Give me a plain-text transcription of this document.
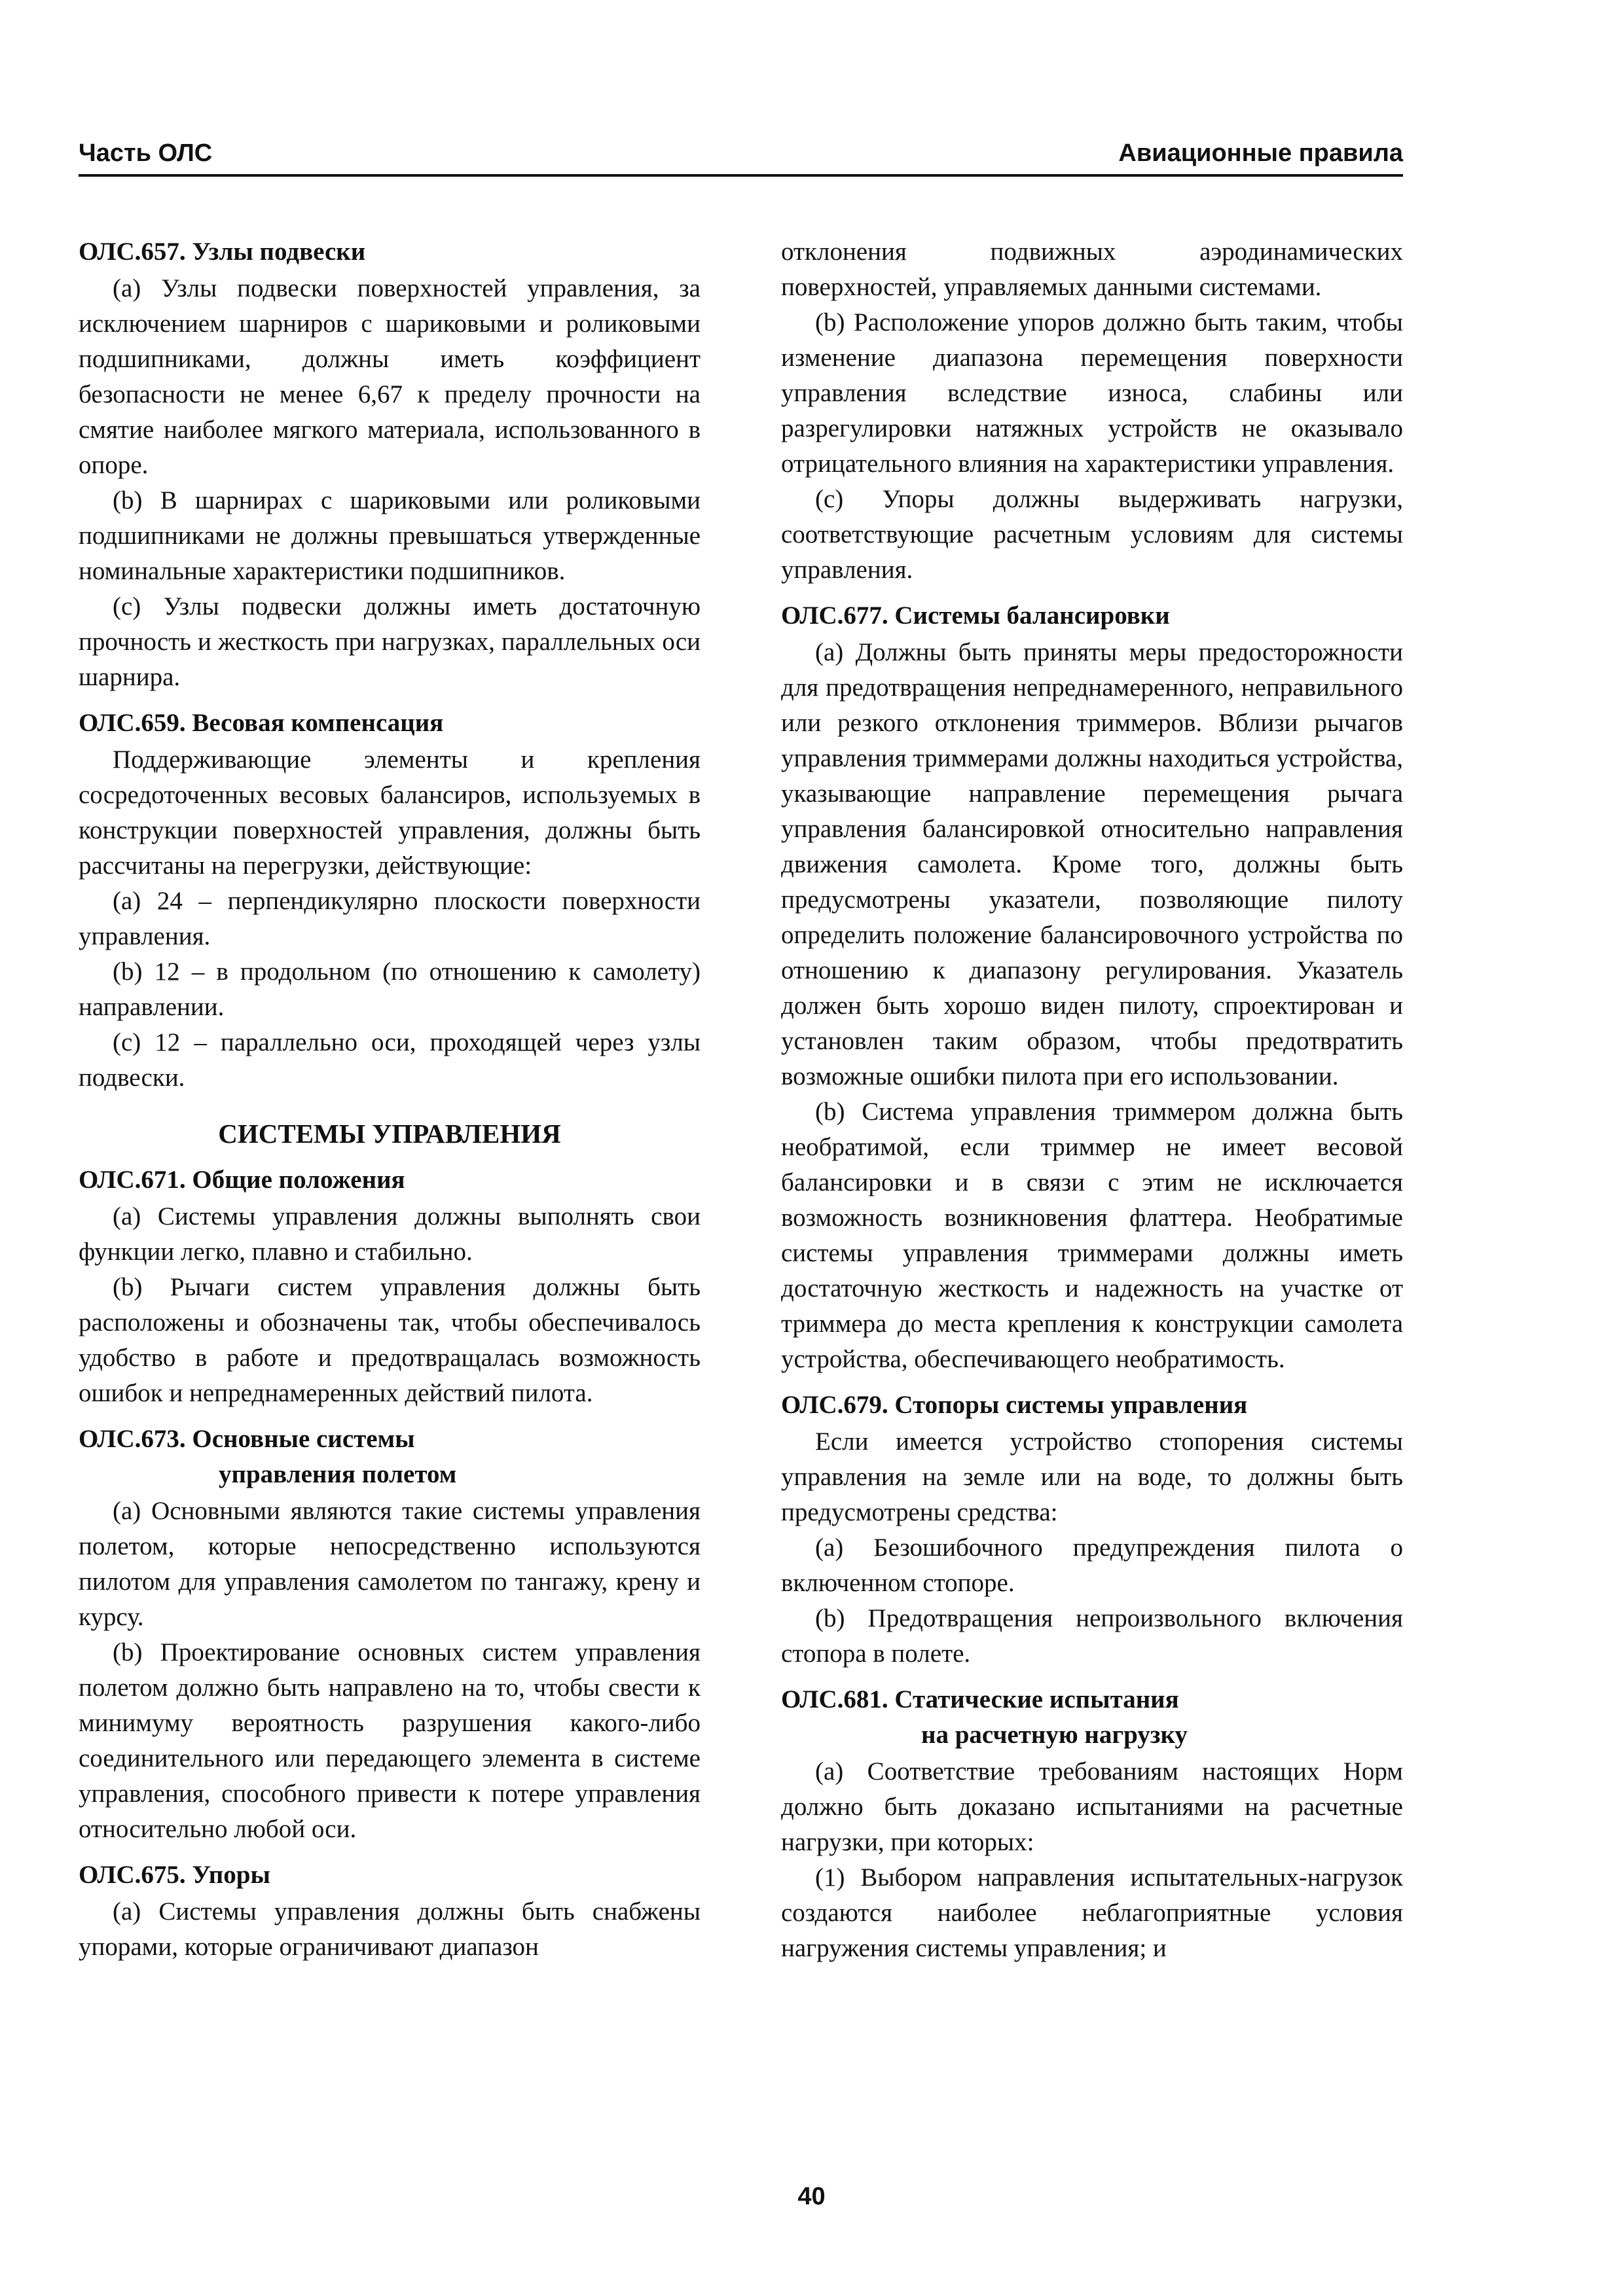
Часть ОЛС	Авиационные правила
ОЛС.657. Узлы подвески

(a) Узлы подвески поверхностей управления, за исключением шарниров с шариковыми и роликовыми подшипниками, должны иметь коэффициент безопасности не менее 6,67 к пределу прочности на смятие наиболее мягкого материала, использованного в опоре.

(b) В шарнирах с шариковыми или роликовыми подшипниками не должны превышаться утвержденные номинальные характеристики подшипников.

(c) Узлы подвески должны иметь достаточную прочность и жесткость при нагрузках, параллельных оси шарнира.

ОЛС.659. Весовая компенсация

Поддерживающие элементы и крепления сосредоточенных весовых балансиров, используемых в конструкции поверхностей управления, должны быть рассчитаны на перегрузки, действующие:

(a) 24 – перпендикулярно плоскости поверхности управления.

(b) 12 – в продольном (по отношению к самолету) направлении.

(c) 12 – параллельно оси, проходящей через узлы подвески.

СИСТЕМЫ УПРАВЛЕНИЯ
ОЛС.671. Общие положения

(a) Системы управления должны выполнять свои функции легко, плавно и стабильно.

(b) Рычаги систем управления должны быть расположены и обозначены так, чтобы обеспечивалось удобство в работе и предотвращалась возможность ошибок и непреднамеренных действий пилота.

ОЛС.673. Основные системы
управления полетом

(a) Основными являются такие системы управления полетом, которые непосредственно используются пилотом для управления самолетом по тангажу, крену и курсу.

(b) Проектирование основных систем управления полетом должно быть направлено на то, чтобы свести к минимуму вероятность разрушения какого-либо соединительного или передающего элемента в системе управления, способного привести к потере управления относительно любой оси.

ОЛС.675. Упоры

(a) Системы управления должны быть снабжены упорами, которые ограничивают диапазон

отклонения подвижных аэродинамических поверхностей, управляемых данными системами.

(b) Расположение упоров должно быть таким, чтобы изменение диапазона перемещения поверхности управления вследствие износа, слабины или разрегулировки натяжных устройств не оказывало отрицательного влияния на характеристики управления.

(c) Упоры должны выдерживать нагрузки, соответствующие расчетным условиям для системы управления.

ОЛС.677. Системы балансировки

(a) Должны быть приняты меры предосторожности для предотвращения непреднамеренного, неправильного или резкого отклонения триммеров. Вблизи рычагов управления триммерами должны находиться устройства, указывающие направление перемещения рычага управления балансировкой относительно направления движения самолета. Кроме того, должны быть предусмотрены указатели, позволяющие пилоту определить положение балансировочного устройства по отношению к диапазону регулирования. Указатель должен быть хорошо виден пилоту, спроектирован и установлен таким образом, чтобы предотвратить возможные ошибки пилота при его использовании.

(b) Система управления триммером должна быть необратимой, если триммер не имеет весовой балансировки и в связи с этим не исключается возможность возникновения флаттера. Необратимые системы управления триммерами должны иметь достаточную жесткость и надежность на участке от триммера до места крепления к конструкции самолета устройства, обеспечивающего необратимость.

ОЛС.679. Стопоры системы управления

Если имеется устройство стопорения системы управления на земле или на воде, то должны быть предусмотрены средства:

(a) Безошибочного предупреждения пилота о включенном стопоре.

(b) Предотвращения непроизвольного включения стопора в полете.

ОЛС.681. Статические испытания
на расчетную нагрузку

(a) Соответствие требованиям настоящих Норм должно быть доказано испытаниями на расчетные нагрузки, при которых:

(1) Выбором направления испытательных-нагрузок создаются наиболее неблагоприятные условия нагружения системы управления; и

40
